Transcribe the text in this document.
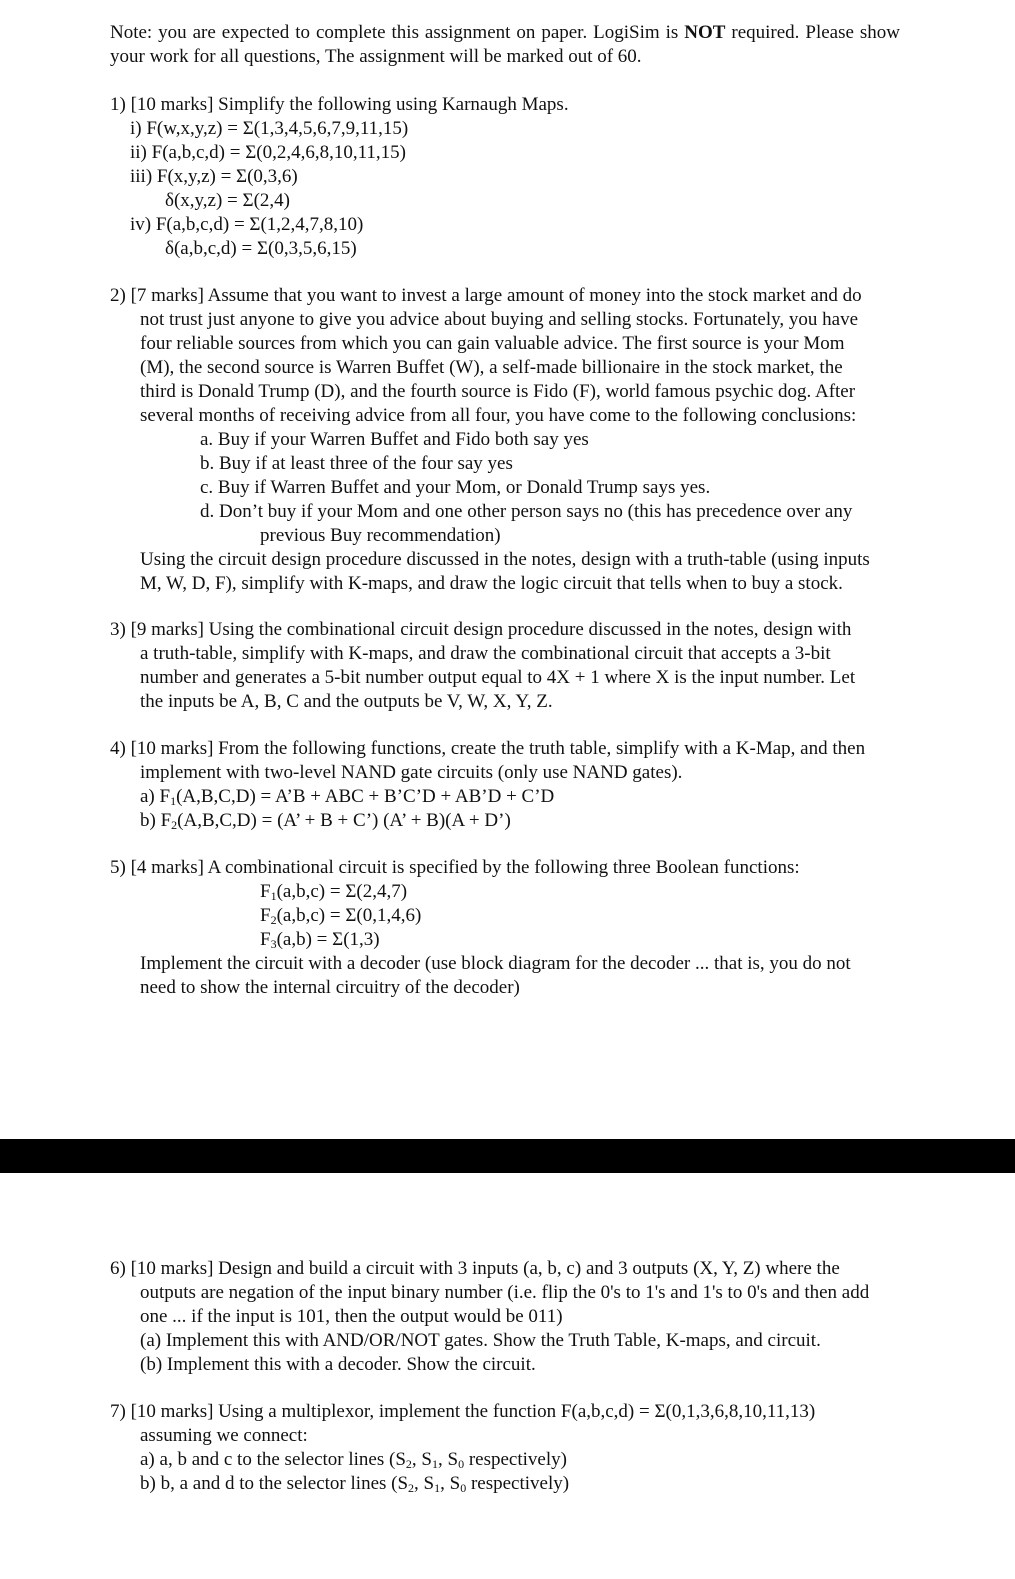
Note: you are expected to complete this assignment on paper. LogiSim is NOT required. Please show your work for all questions, The assignment will be marked out of 60.

1) [10 marks] Simplify the following using Karnaugh Maps.

i) F(w,x,y,z) = Σ(1,3,4,5,6,7,9,11,15)

ii) F(a,b,c,d) = Σ(0,2,4,6,8,10,11,15)

iii) F(x,y,z) = Σ(0,3,6)

δ(x,y,z) = Σ(2,4)

iv) F(a,b,c,d) = Σ(1,2,4,7,8,10)

δ(a,b,c,d) = Σ(0,3,5,6,15)

2) [7 marks] Assume that you want to invest a large amount of money into the stock market and do

not trust just anyone to give you advice about buying and selling stocks. Fortunately, you have

four reliable sources from which you can gain valuable advice. The first source is your Mom

(M), the second source is Warren Buffet (W), a self-made billionaire in the stock market, the

third is Donald Trump (D), and the fourth source is Fido (F), world famous psychic dog. After

several months of receiving advice from all four, you have come to the following conclusions:

a. Buy if your Warren Buffet and Fido both say yes

b. Buy if at least three of the four say yes

c. Buy if Warren Buffet and your Mom, or Donald Trump says yes.

d. Don’t buy if your Mom and one other person says no (this has precedence over any

previous Buy recommendation)

Using the circuit design procedure discussed in the notes, design with a truth-table (using inputs

M, W, D, F), simplify with K-maps, and draw the logic circuit that tells when to buy a stock.

3) [9 marks] Using the combinational circuit design procedure discussed in the notes, design with

a truth-table, simplify with K-maps, and draw the combinational circuit that accepts a 3-bit

number and generates a 5-bit number output equal to 4X + 1 where X is the input number. Let

the inputs be A, B, C and the outputs be V, W, X, Y, Z.

4) [10 marks] From the following functions, create the truth table, simplify with a K-Map, and then

implement with two-level NAND gate circuits (only use NAND gates).

a) $F_1(A,B,C,D)$ = A’B + ABC + B’C’D + AB’D + C’D

b) $F_2(A,B,C,D) = (A$’ + B + C’) (A’ + B)(A + D’)

5) [4 marks] A combinational circuit is specified by the following three Boolean functions:

$F_1(a,b,c) = \Sigma(2,4,7)$

$F_2(a,b,c) = \Sigma(0,1,4,6)$

$F_3(a,b) = \Sigma(1,3)$

Implement the circuit with a decoder (use block diagram for the decoder ... that is, you do not

need to show the internal circuitry of the decoder)

6) [10 marks] Design and build a circuit with 3 inputs (a, b, c) and 3 outputs (X, Y, Z) where the

outputs are negation of the input binary number (i.e. flip the 0's to 1's and 1's to 0's and then add

one ... if the input is 101, then the output would be 011)

(a) Implement this with AND/OR/NOT gates. Show the Truth Table, K-maps, and circuit.

(b) Implement this with a decoder. Show the circuit.

7) [10 marks] Using a multiplexor, implement the function F(a,b,c,d) = Σ(0,1,3,6,8,10,11,13)

assuming we connect:

a) a, b and c to the selector lines ($S_2$, $S_1$, $S_0$ respectively)

b) b, a and d to the selector lines ($S_2$, $S_1$, $S_0$ respectively)
